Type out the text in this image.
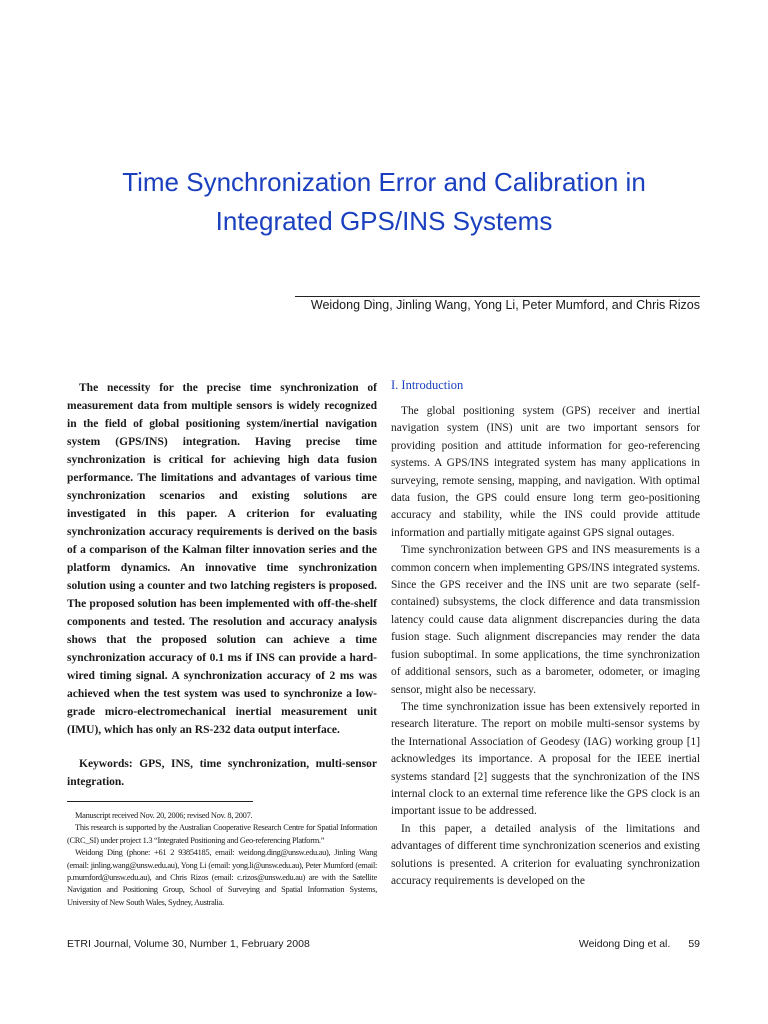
Time Synchronization Error and Calibration in
Integrated GPS/INS Systems
Weidong Ding, Jinling Wang, Yong Li, Peter Mumford, and Chris Rizos

The necessity for the precise time synchronization of measurement data from multiple sensors is widely recognized in the field of global positioning system/inertial navigation system (GPS/INS) integration. Having precise time synchronization is critical for achieving high data fusion performance. The limitations and advantages of various time synchronization scenarios and existing solutions are investigated in this paper. A criterion for evaluating synchronization accuracy requirements is derived on the basis of a comparison of the Kalman filter innovation series and the platform dynamics. An innovative time synchronization solution using a counter and two latching registers is proposed. The proposed solution has been implemented with off-the-shelf components and tested. The resolution and accuracy analysis shows that the proposed solution can achieve a time synchronization accuracy of 0.1 ms if INS can provide a hard-wired timing signal. A synchronization accuracy of 2 ms was achieved when the test system was used to synchronize a low-grade micro-electromechanical inertial measurement unit (IMU), which has only an RS-232 data output interface.

Keywords: GPS, INS, time synchronization, multi-sensor integration.

Manuscript received Nov. 20, 2006; revised Nov. 8, 2007.

This research is supported by the Australian Cooperative Research Centre for Spatial Information (CRC_SI) under project 1.3 “Integrated Positioning and Geo-referencing Platform.”

Weidong Ding (phone: +61 2 93854185, email: weidong.ding@unsw.edu.au), Jinling Wang (email: jinling.wang@unsw.edu.au), Yong Li (email: yong.li@unsw.edu.au), Peter Mumford (email: p.mumford@unsw.edu.au), and Chris Rizos (email: c.rizos@unsw.edu.au) are with the Satellite Navigation and Positioning Group, School of Surveying and Spatial Information Systems, University of New South Wales, Sydney, Australia.

I. Introduction

The global positioning system (GPS) receiver and inertial navigation system (INS) unit are two important sensors for providing position and attitude information for geo-referencing systems. A GPS/INS integrated system has many applications in surveying, remote sensing, mapping, and navigation. With optimal data fusion, the GPS could ensure long term geo-positioning accuracy and stability, while the INS could provide attitude information and partially mitigate against GPS signal outages.

Time synchronization between GPS and INS measurements is a common concern when implementing GPS/INS integrated systems. Since the GPS receiver and the INS unit are two separate (self-contained) subsystems, the clock difference and data transmission latency could cause data alignment discrepancies during the data fusion stage. Such alignment discrepancies may render the data fusion suboptimal. In some applications, the time synchronization of additional sensors, such as a barometer, odometer, or imaging sensor, might also be necessary.

The time synchronization issue has been extensively reported in research literature. The report on mobile multi-sensor systems by the International Association of Geodesy (IAG) working group [1] acknowledges its importance. A proposal for the IEEE inertial systems standard [2] suggests that the synchronization of the INS internal clock to an external time reference like the GPS clock is an important issue to be addressed.

In this paper, a detailed analysis of the limitations and advantages of different time synchronization scenerios and existing solutions is presented. A criterion for evaluating synchronization accuracy requirements is developed on the

ETRI Journal, Volume 30, Number 1, February 2008	Weidong Ding et al. 59
